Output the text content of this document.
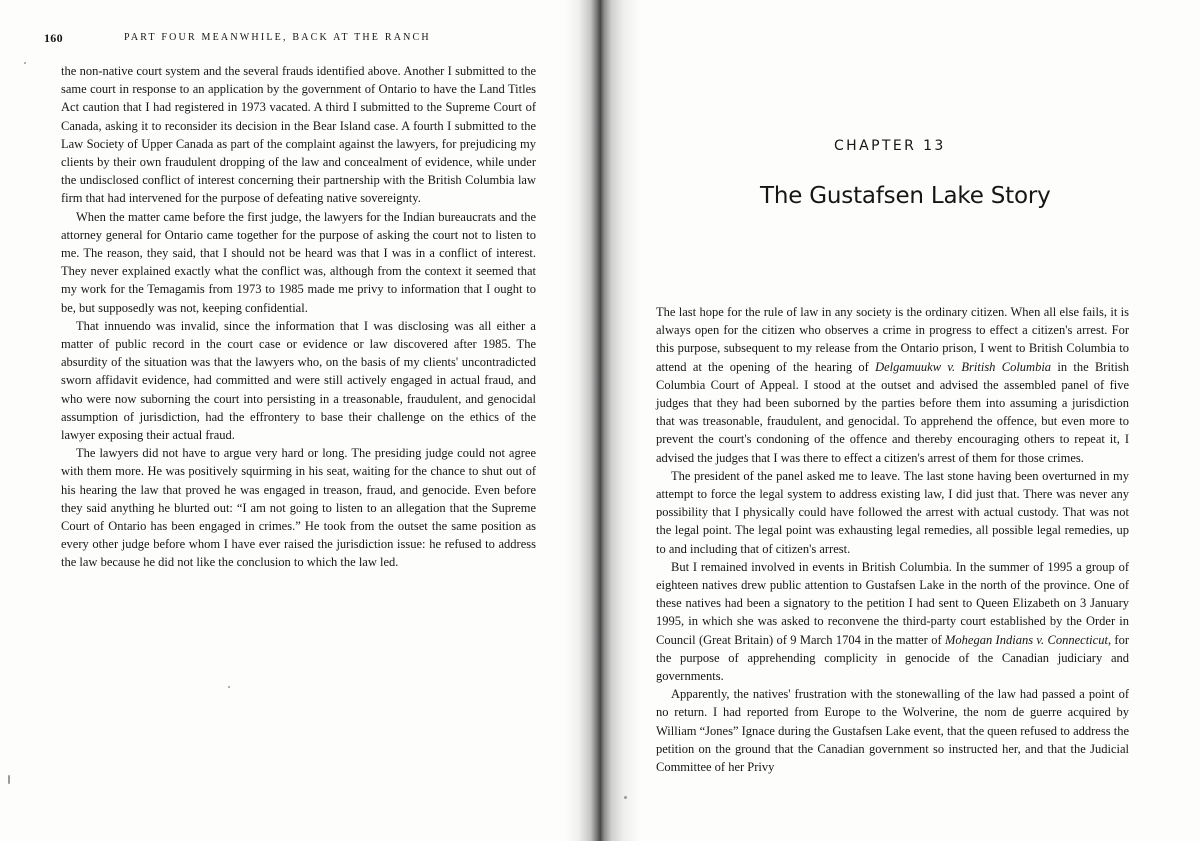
160	PART FOUR MEANWHILE, BACK AT THE RANCH

the non-native court system and the several frauds identified above. Another I submitted to the same court in response to an application by the government of Ontario to have the Land Titles Act caution that I had registered in 1973 vacated. A third I submitted to the Supreme Court of Canada, asking it to reconsider its decision in the Bear Island case. A fourth I submitted to the Law Society of Upper Canada as part of the complaint against the lawyers, for prejudicing my clients by their own fraudulent dropping of the law and concealment of evidence, while under the undisclosed conflict of interest concerning their partnership with the British Columbia law firm that had intervened for the purpose of defeating native sovereignty.

When the matter came before the first judge, the lawyers for the Indian bureaucrats and the attorney general for Ontario came together for the purpose of asking the court not to listen to me. The reason, they said, that I should not be heard was that I was in a conflict of interest. They never explained exactly what the conflict was, although from the context it seemed that my work for the Temagamis from 1973 to 1985 made me privy to information that I ought to be, but supposedly was not, keeping confidential.

That innuendo was invalid, since the information that I was disclosing was all either a matter of public record in the court case or evidence or law discovered after 1985. The absurdity of the situation was that the lawyers who, on the basis of my clients' uncontradicted sworn affidavit evidence, had committed and were still actively engaged in actual fraud, and who were now suborning the court into persisting in a treasonable, fraudulent, and genocidal assumption of jurisdiction, had the effrontery to base their challenge on the ethics of the lawyer exposing their actual fraud.

The lawyers did not have to argue very hard or long. The presiding judge could not agree with them more. He was positively squirming in his seat, waiting for the chance to shut out of his hearing the law that proved he was engaged in treason, fraud, and genocide. Even before they said anything he blurted out: “I am not going to listen to an allegation that the Supreme Court of Ontario has been engaged in crimes.” He took from the outset the same position as every other judge before whom I have ever raised the jurisdiction issue: he refused to address the law because he did not like the conclusion to which the law led.

CHAPTER 13
The Gustafsen Lake Story

The last hope for the rule of law in any society is the ordinary citizen. When all else fails, it is always open for the citizen who observes a crime in progress to effect a citizen's arrest. For this purpose, subsequent to my release from the Ontario prison, I went to British Columbia to attend at the opening of the hearing of Delgamuukw v. British Columbia in the British Columbia Court of Appeal. I stood at the outset and advised the assembled panel of five judges that they had been suborned by the parties before them into assuming a jurisdiction that was treasonable, fraudulent, and genocidal. To apprehend the offence, but even more to prevent the court's condoning of the offence and thereby encouraging others to repeat it, I advised the judges that I was there to effect a citizen's arrest of them for those crimes.

The president of the panel asked me to leave. The last stone having been overturned in my attempt to force the legal system to address existing law, I did just that. There was never any possibility that I physically could have followed the arrest with actual custody. That was not the legal point. The legal point was exhausting legal remedies, all possible legal remedies, up to and including that of citizen's arrest.

But I remained involved in events in British Columbia. In the summer of 1995 a group of eighteen natives drew public attention to Gustafsen Lake in the north of the province. One of these natives had been a signatory to the petition I had sent to Queen Elizabeth on 3 January 1995, in which she was asked to reconvene the third-party court established by the Order in Council (Great Britain) of 9 March 1704 in the matter of Mohegan Indians v. Connecticut, for the purpose of apprehending complicity in genocide of the Canadian judiciary and governments.

Apparently, the natives' frustration with the stonewalling of the law had passed a point of no return. I had reported from Europe to the Wolverine, the nom de guerre acquired by William “Jones” Ignace during the Gustafsen Lake event, that the queen refused to address the petition on the ground that the Canadian government so instructed her, and that the Judicial Committee of her Privy
